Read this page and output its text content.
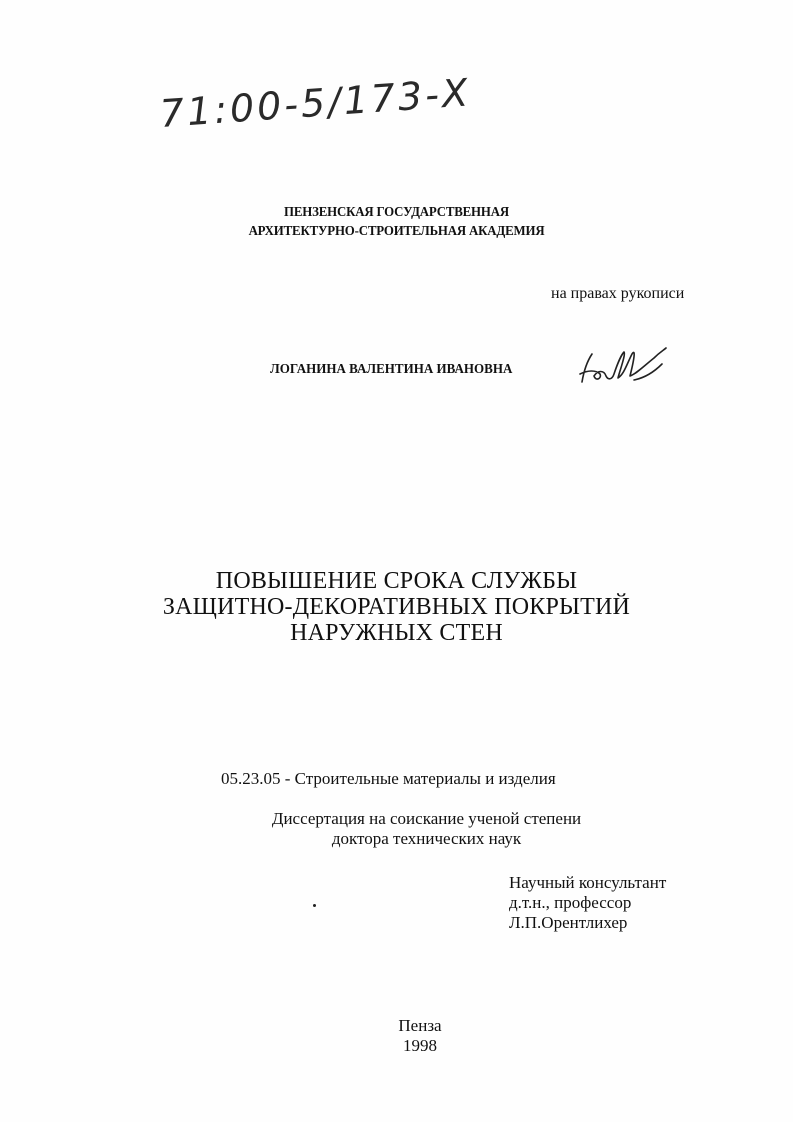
71:00-5/173-Х
ПЕНЗЕНСКАЯ ГОСУДАРСТВЕННАЯ
АРХИТЕКТУРНО-СТРОИТЕЛЬНАЯ АКАДЕМИЯ
на правах рукописи
ЛОГАНИНА ВАЛЕНТИНА ИВАНОВНА
ПОВЫШЕНИЕ СРОКА СЛУЖБЫ
ЗАЩИТНО-ДЕКОРАТИВНЫХ ПОКРЫТИЙ
НАРУЖНЫХ СТЕН
05.23.05 - Строительные материалы и изделия
Диссертация на соискание ученой степени
доктора технических наук
Научный консультант
д.т.н., профессор
Л.П.Орентлихер
Пенза
1998
